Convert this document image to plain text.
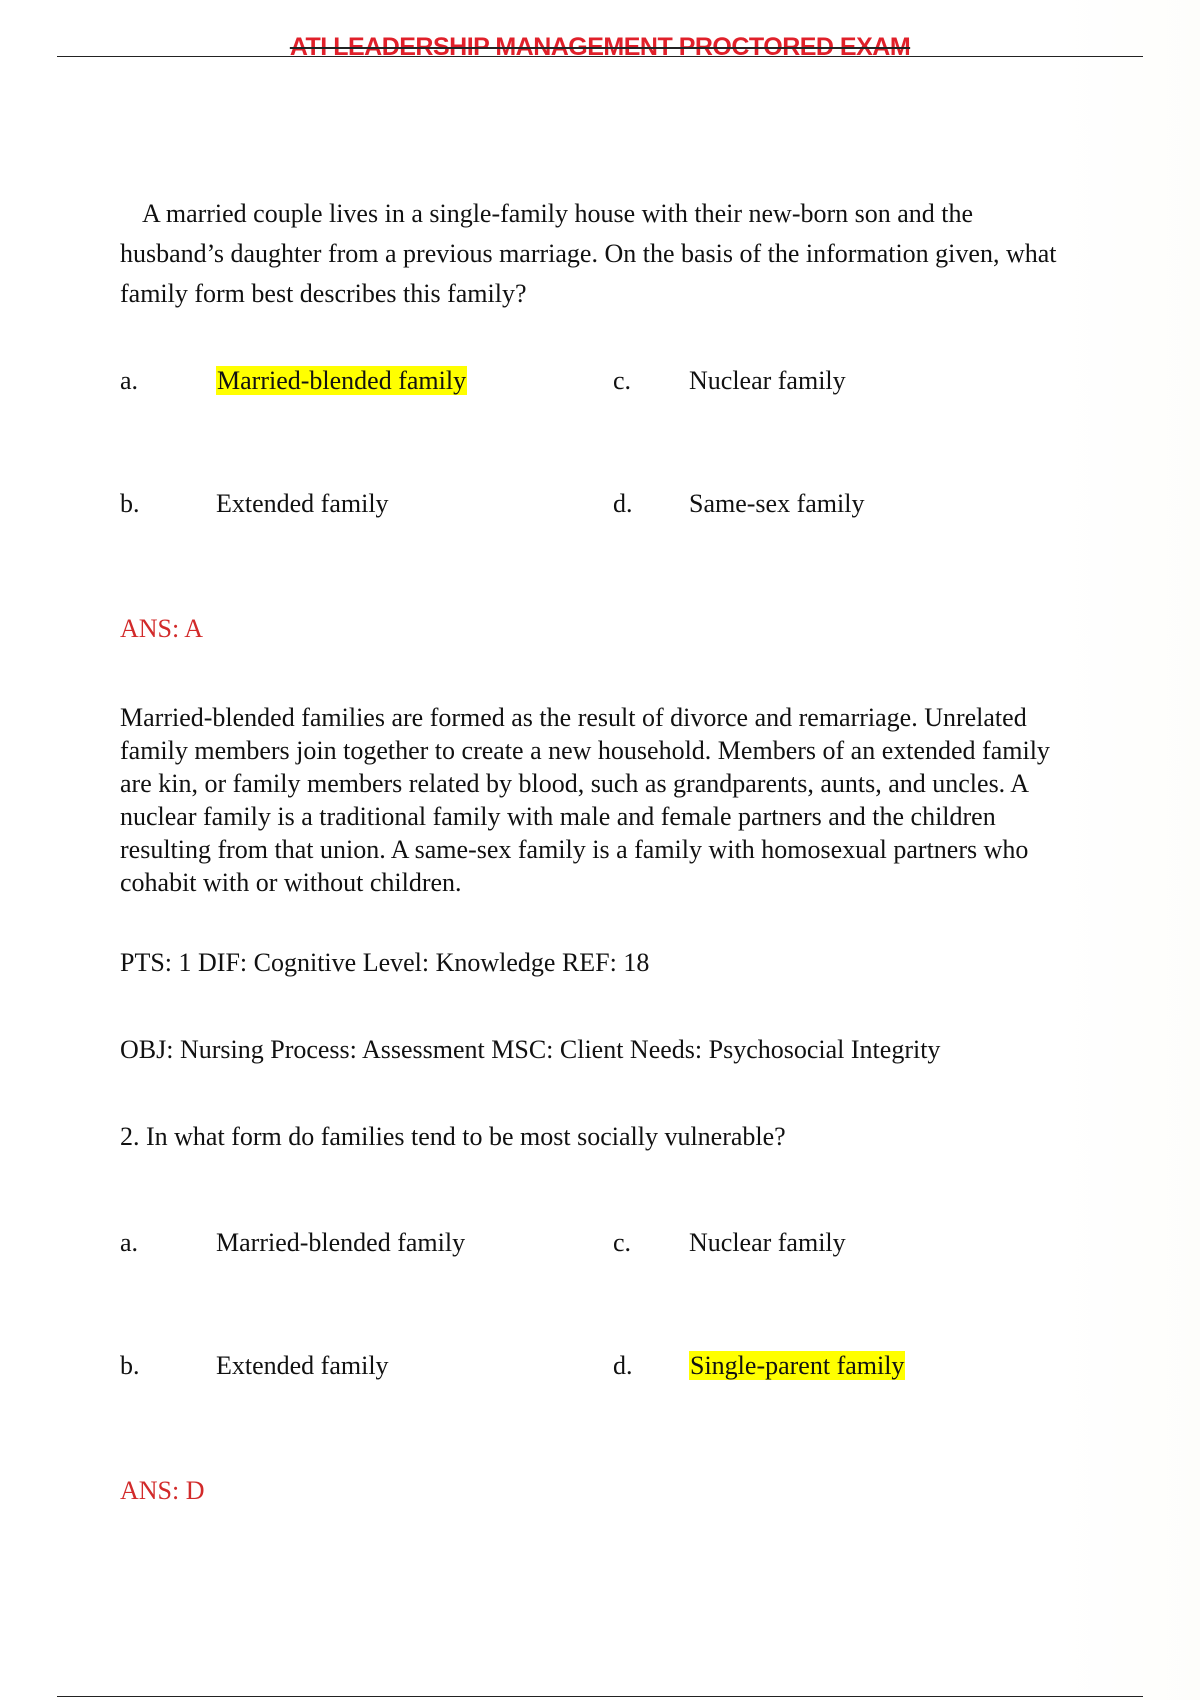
ATI LEADERSHIP MANAGEMENT PROCTORED EXAM
A married couple lives in a single-family house with their new-born son and the husband’s daughter from a previous marriage. On the basis of the information given, what family form best describes this family?
a.	Married-blended family	c. Nuclear family
b.	Extended family	d. Same-sex family
ANS: A
Married-blended families are formed as the result of divorce and remarriage. Unrelated family members join together to create a new household. Members of an extended family are kin, or family members related by blood, such as grandparents, aunts, and uncles. A nuclear family is a traditional family with male and female partners and the children resulting from that union. A same-sex family is a family with homosexual partners who cohabit with or without children.
PTS: 1 DIF: Cognitive Level: Knowledge REF: 18
OBJ: Nursing Process: Assessment MSC: Client Needs: Psychosocial Integrity
2. In what form do families tend to be most socially vulnerable?
a.	Married-blended family	c. Nuclear family
b.	Extended family	d. Single-parent family
ANS: D
